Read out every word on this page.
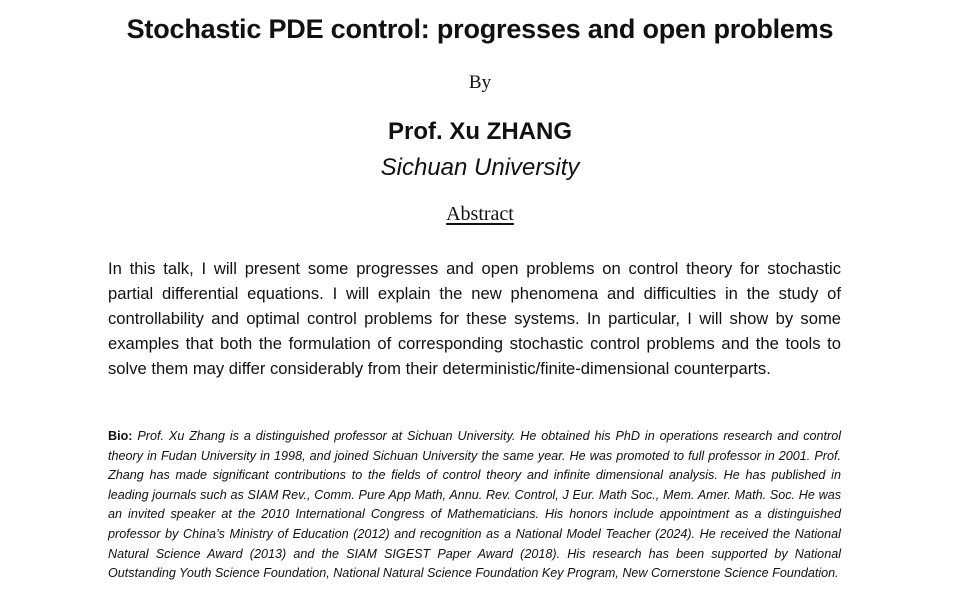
Stochastic PDE control: progresses and open problems
By
Prof. Xu ZHANG
Sichuan University
Abstract

In this talk, I will present some progresses and open problems on control theory for stochastic partial differential equations. I will explain the new phenomena and difficulties in the study of controllability and optimal control problems for these systems. In particular, I will show by some examples that both the formulation of corresponding stochastic control problems and the tools to solve them may differ considerably from their deterministic/finite-dimensional counterparts.

Bio: Prof. Xu Zhang is a distinguished professor at Sichuan University. He obtained his PhD in operations research and control theory in Fudan University in 1998, and joined Sichuan University the same year. He was promoted to full professor in 2001. Prof. Zhang has made significant contributions to the fields of control theory and infinite dimensional analysis. He has published in leading journals such as SIAM Rev., Comm. Pure App Math, Annu. Rev. Control, J Eur. Math Soc., Mem. Amer. Math. Soc. He was an invited speaker at the 2010 International Congress of Mathematicians. His honors include appointment as a distinguished professor by China’s Ministry of Education (2012) and recognition as a National Model Teacher (2024). He received the National Natural Science Award (2013) and the SIAM SIGEST Paper Award (2018). His research has been supported by National Outstanding Youth Science Foundation, National Natural Science Foundation Key Program, New Cornerstone Science Foundation.
